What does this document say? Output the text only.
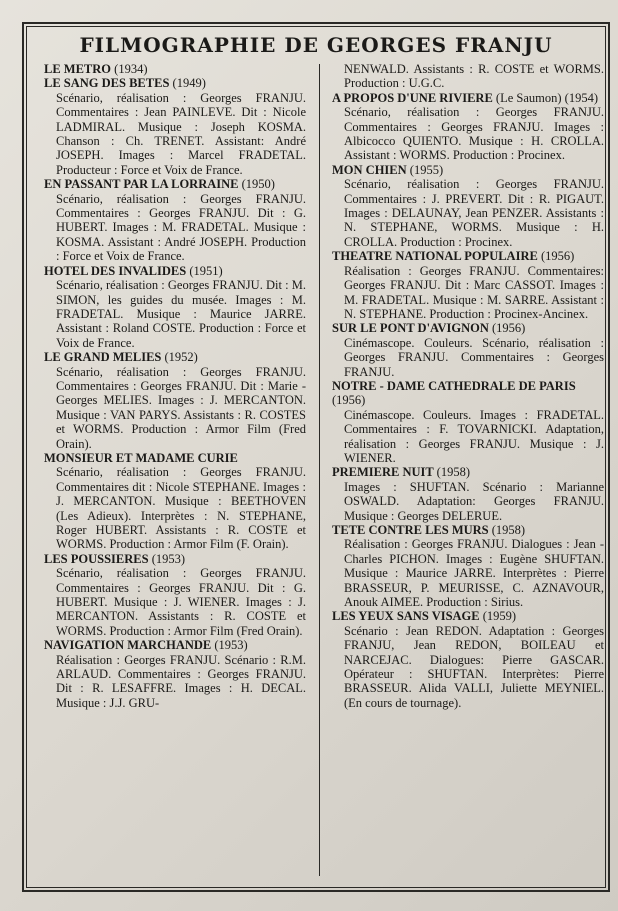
FILMOGRAPHIE DE GEORGES FRANJU
LE METRO (1934)
LE SANG DES BETES (1949)
Scénario, réalisation : Georges FRANJU. Commentaires : Jean PAINLEVE. Dit : Nicole LADMIRAL. Musique : Joseph KOSMA. Chanson : Ch. TRENET. Assistant: André JOSEPH. Images : Marcel FRADETAL. Producteur : Force et Voix de France.
EN PASSANT PAR LA LORRAINE (1950)
Scénario, réalisation : Georges FRANJU. Commentaires : Georges FRANJU. Dit : G. HUBERT. Images : M. FRADETAL. Musique : KOSMA. Assistant : André JOSEPH. Production : Force et Voix de France.
HOTEL DES INVALIDES (1951)
Scénario, réalisation : Georges FRANJU. Dit : M. SIMON, les guides du musée. Images : M. FRADETAL. Musique : Maurice JARRE. Assistant : Roland COSTE. Production : Force et Voix de France.
LE GRAND MELIES (1952)
Scénario, réalisation : Georges FRANJU. Commentaires : Georges FRANJU. Dit : Marie - Georges MELIES. Images : J. MERCANTON. Musique : VAN PARYS. Assistants : R. COSTES et WORMS. Production : Armor Film (Fred Orain).
MONSIEUR ET MADAME CURIE
Scénario, réalisation : Georges FRANJU. Commentaires dit : Nicole STEPHANE. Images : J. MERCANTON. Musique : BEETHOVEN (Les Adieux). Interprètes : N. STEPHANE, Roger HUBERT. Assistants : R. COSTE et WORMS. Production : Armor Film (F. Orain).
LES POUSSIERES (1953)
Scénario, réalisation : Georges FRANJU. Commentaires : Georges FRANJU. Dit : G. HUBERT. Musique : J. WIENER. Images : J. MERCANTON. Assistants : R. COSTE et WORMS. Production : Armor Film (Fred Orain).
NAVIGATION MARCHANDE (1953)
Réalisation : Georges FRANJU. Scénario : R.M. ARLAUD. Commentaires : Georges FRANJU. Dit : R. LESAFFRE. Images : H. DECAL. Musique : J.J. GRU-
NENWALD. Assistants : R. COSTE et WORMS. Production : U.G.C.
A PROPOS D'UNE RIVIERE (Le Saumon) (1954)
Scénario, réalisation : Georges FRANJU. Commentaires : Georges FRANJU. Images : Albicocco QUIENTO. Musique : H. CROLLA. Assistant : WORMS. Production : Procinex.
MON CHIEN (1955)
Scénario, réalisation : Georges FRANJU. Commentaires : J. PREVERT. Dit : R. PIGAUT. Images : DELAUNAY, Jean PENZER. Assistants : N. STEPHANE, WORMS. Musique : H. CROLLA. Production : Procinex.
THEATRE NATIONAL POPULAIRE (1956)
Réalisation : Georges FRANJU. Commentaires: Georges FRANJU. Dit : Marc CASSOT. Images : M. FRADETAL. Musique : M. SARRE. Assistant : N. STEPHANE. Production : Procinex-Ancinex.
SUR LE PONT D'AVIGNON (1956)
Cinémascope. Couleurs. Scénario, réalisation : Georges FRANJU. Commentaires : Georges FRANJU.
NOTRE - DAME CATHEDRALE DE PARIS (1956)
Cinémascope. Couleurs. Images : FRADETAL. Commentaires : F. TOVARNICKI. Adaptation, réalisation : Georges FRANJU. Musique : J. WIENER.
PREMIERE NUIT (1958)
Images : SHUFTAN. Scénario : Marianne OSWALD. Adaptation: Georges FRANJU. Musique : Georges DELERUE.
TETE CONTRE LES MURS (1958)
Réalisation : Georges FRANJU. Dialogues : Jean - Charles PICHON. Images : Eugène SHUFTAN. Musique : Maurice JARRE. Interprètes : Pierre BRASSEUR, P. MEURISSE, C. AZNAVOUR, Anouk AIMEE. Production : Sirius.
LES YEUX SANS VISAGE (1959)
Scénario : Jean REDON. Adaptation : Georges FRANJU, Jean REDON, BOILEAU et NARCEJAC. Dialogues: Pierre GASCAR. Opérateur : SHUFTAN. Interprètes: Pierre BRASSEUR. Alida VALLI, Juliette MEYNIEL. (En cours de tournage).
